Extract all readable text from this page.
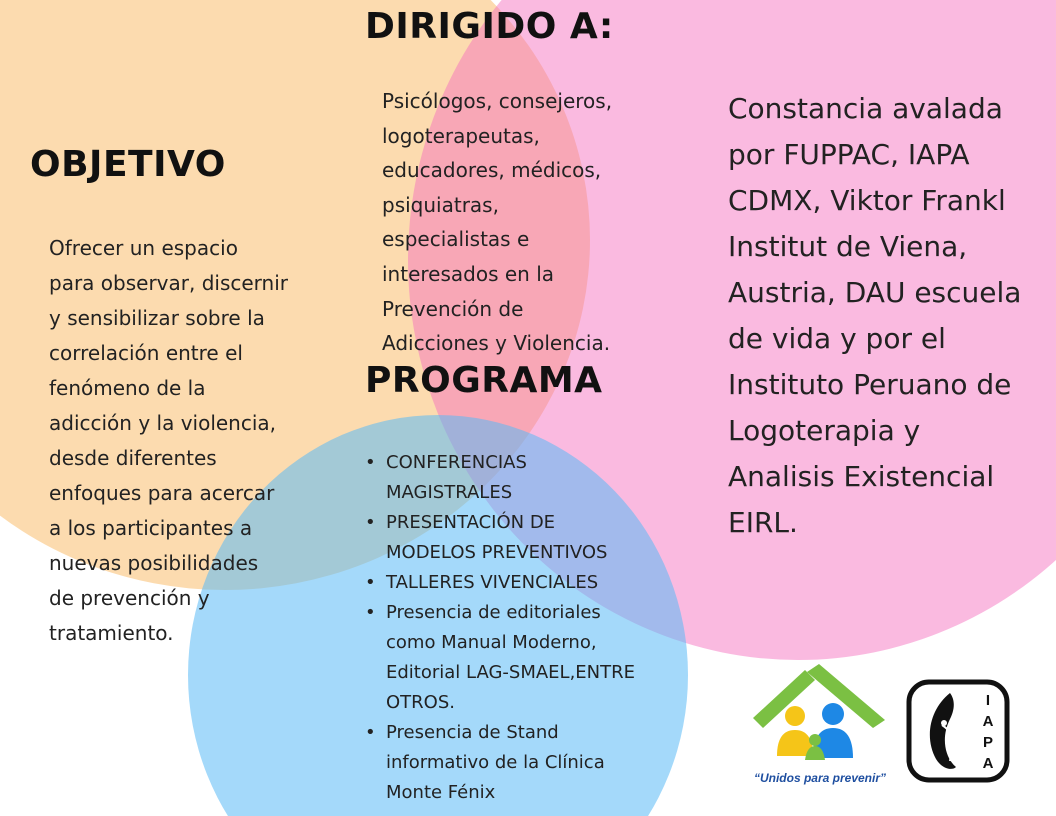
DIRIGIDO A:
Psicólogos, consejeros,
logoterapeutas,
educadores, médicos,
psiquiatras,
especialistas e
interesados en la
Prevención de
Adicciones y Violencia.
OBJETIVO
Ofrecer un espacio
para observar, discernir
y sensibilizar sobre la
correlación entre el
fenómeno de la
adicción y la violencia,
desde diferentes
enfoques para acercar
a los participantes a
nuevas posibilidades
de prevención y
tratamiento.
PROGRAMA
• CONFERENCIAS
MAGISTRALES
• PRESENTACIÓN DE
MODELOS PREVENTIVOS
• TALLERES VIVENCIALES
• Presencia de editoriales
como Manual Moderno,
Editorial LAG-SMAEL,ENTRE
OTROS.
• Presencia de Stand
informativo de la Clínica
Monte Fénix
Constancia avalada
por FUPPAC, IAPA
CDMX, Viktor Frankl
Institut de Viena,
Austria, DAU escuela
de vida y por el
Instituto Peruano de
Logoterapia y
Analisis Existencial
EIRL.
“Unidos para prevenir”
I
A
P
A
